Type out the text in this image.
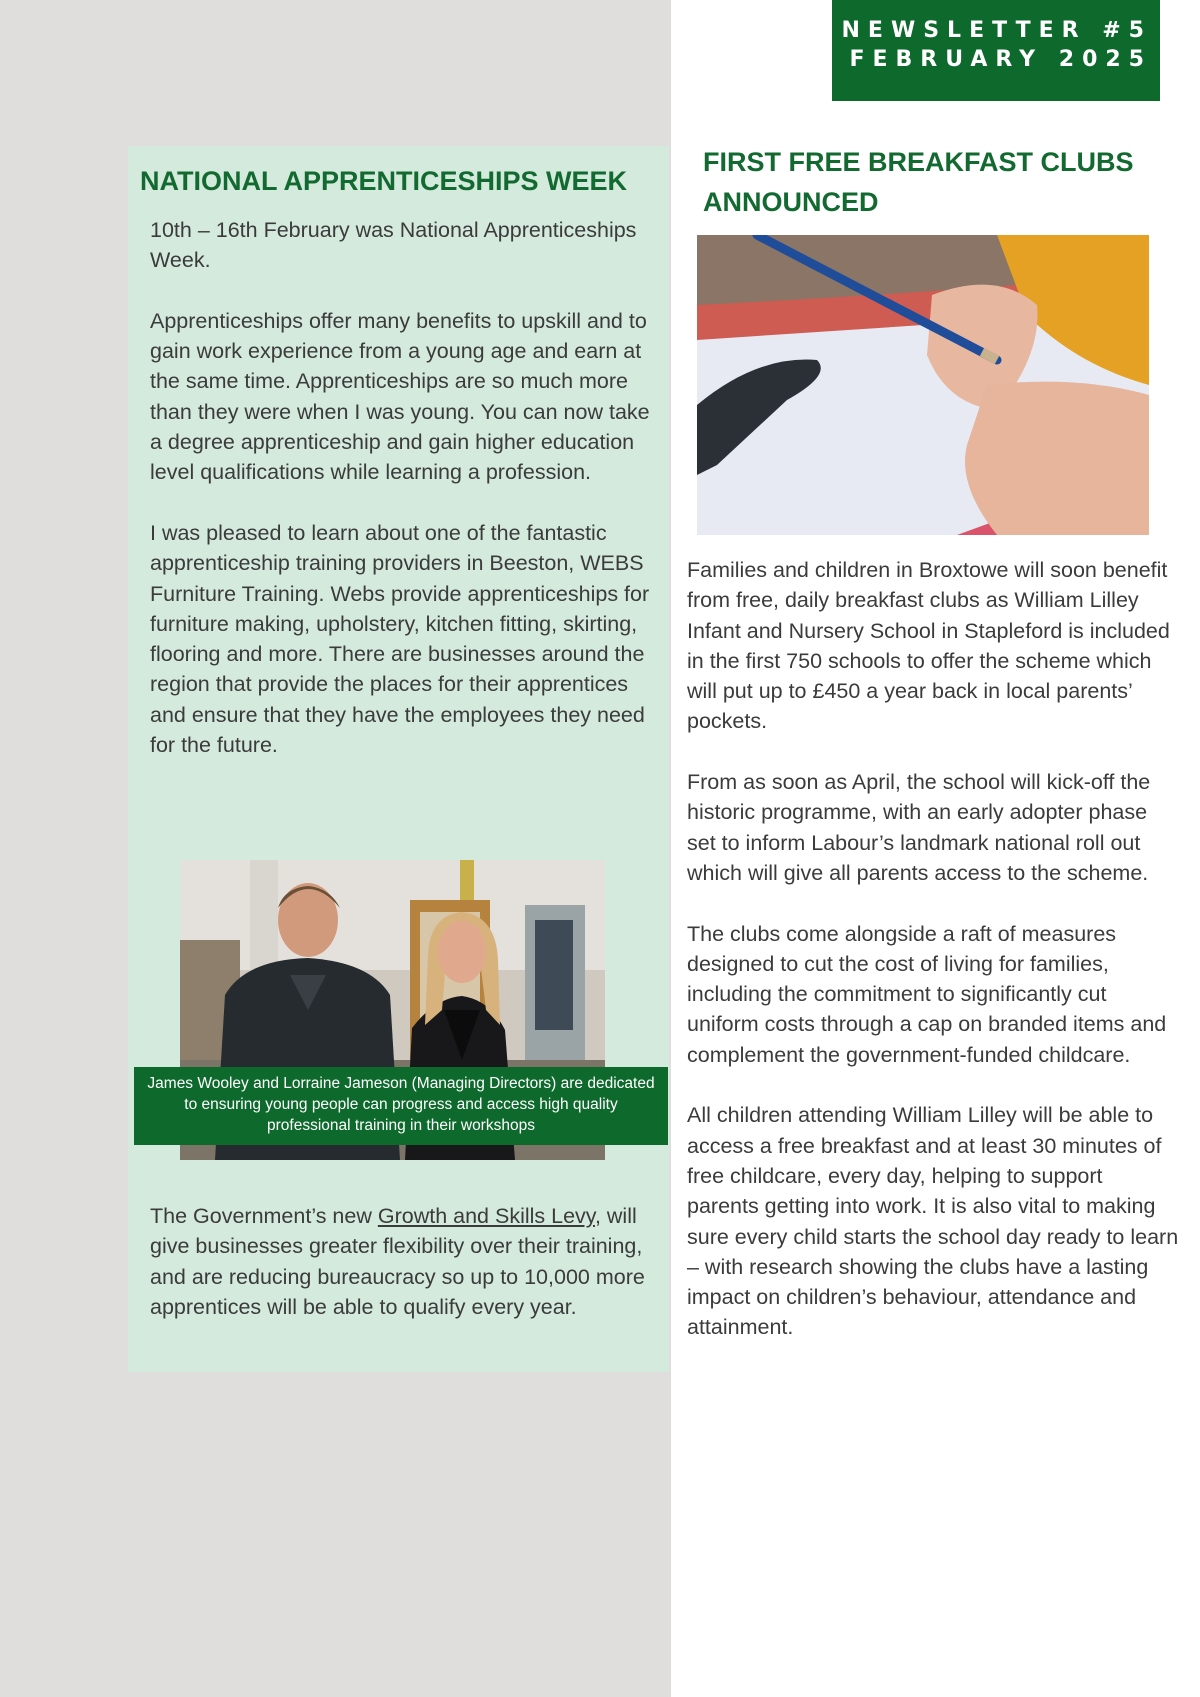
NEWSLETTER #5
FEBRUARY 2025
NATIONAL APPRENTICESHIPS WEEK

10th – 16th February was National Apprenticeships Week.

Apprenticeships offer many benefits to upskill and to gain work experience from a young age and earn at the same time. Apprenticeships are so much more than they were when I was young. You can now take a degree apprenticeship and gain higher education level qualifications while learning a profession.

I was pleased to learn about one of the fantastic apprenticeship training providers in Beeston, WEBS Furniture Training. Webs provide apprenticeships for furniture making, upholstery, kitchen fitting, skirting, flooring and more. There are businesses around the region that provide the places for their apprentices and ensure that they have the employees they need for the future.

James Wooley and Lorraine Jameson (Managing Directors) are dedicated to ensuring young people can progress and access high quality professional training in their workshops

The Government’s new Growth and Skills Levy, will give businesses greater flexibility over their training, and are reducing bureaucracy so up to 10,000 more apprentices will be able to qualify every year.

FIRST FREE BREAKFAST CLUBS ANNOUNCED

Families and children in Broxtowe will soon benefit from free, daily breakfast clubs as William Lilley Infant and Nursery School in Stapleford is included in the first 750 schools to offer the scheme which will put up to £450 a year back in local parents’ pockets.

From as soon as April, the school will kick-off the historic programme, with an early adopter phase set to inform Labour’s landmark national roll out which will give all parents access to the scheme.

The clubs come alongside a raft of measures designed to cut the cost of living for families, including the commitment to significantly cut uniform costs through a cap on branded items and complement the government-funded childcare.

All children attending William Lilley will be able to access a free breakfast and at least 30 minutes of free childcare, every day, helping to support parents getting into work. It is also vital to making sure every child starts the school day ready to learn – with research showing the clubs have a lasting impact on children’s behaviour, attendance and attainment.
